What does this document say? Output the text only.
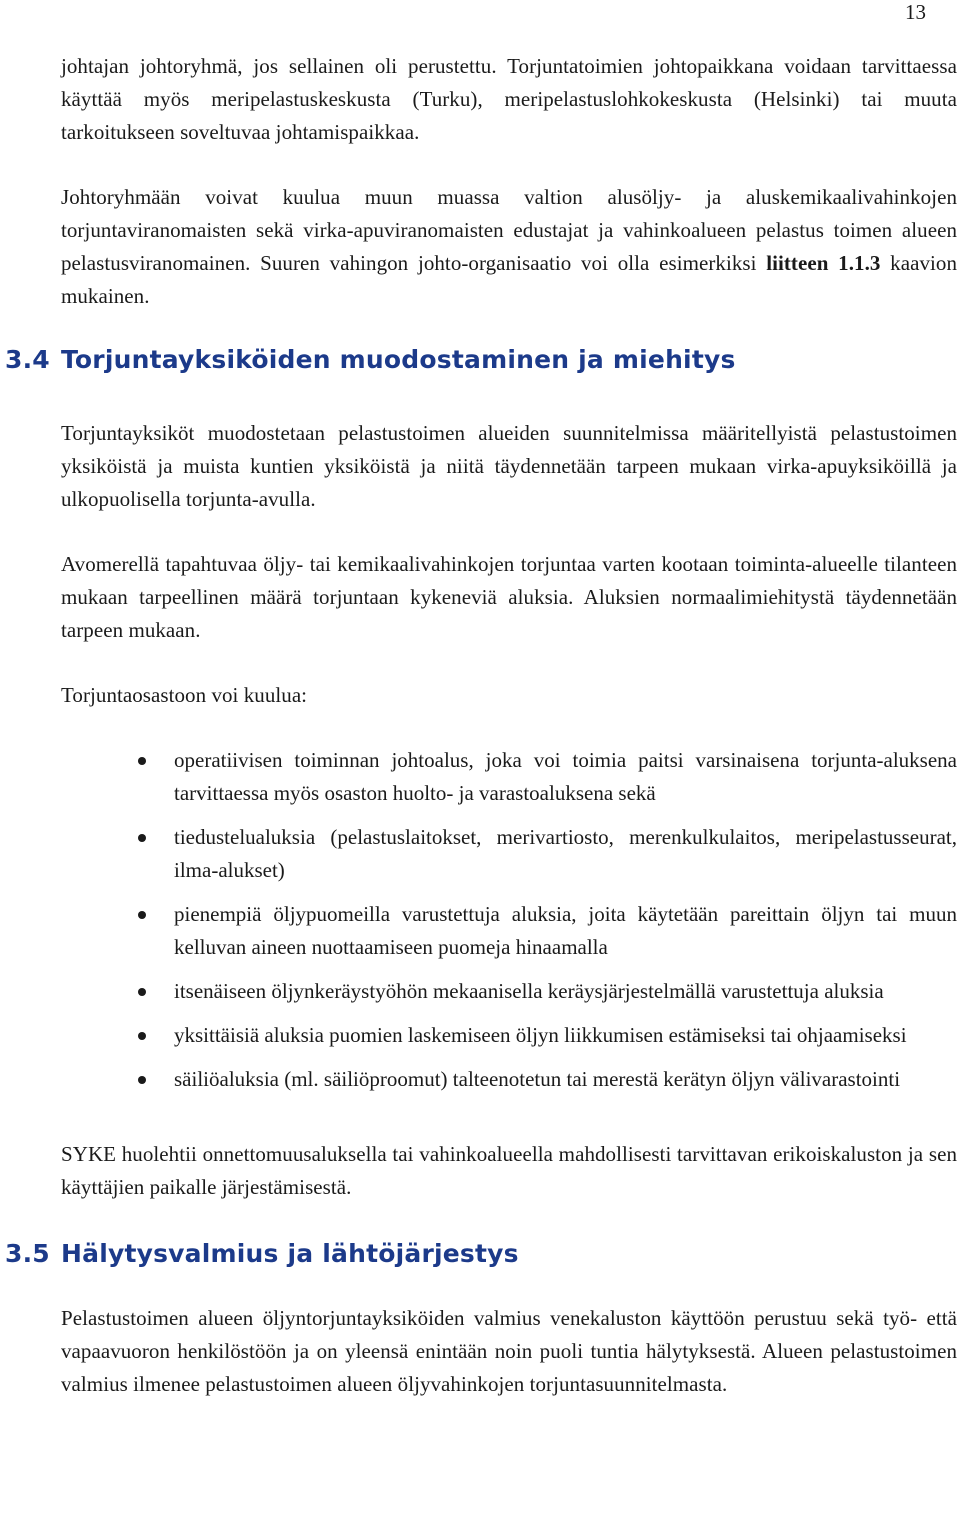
13

johtajan johtoryhmä, jos sellainen oli perustettu. Torjuntatoimien johtopaikkana voidaan tarvittaessa käyttää myös meripelastuskeskusta (Turku), meripelastuslohkokeskusta (Helsinki) tai muuta tarkoitukseen soveltuvaa johtamispaikkaa.

Johtoryhmään voivat kuulua muun muassa valtion alusöljy- ja aluskemikaalivahinkojen torjuntaviranomaisten sekä virka-apuviranomaisten edustajat ja vahinkoalueen pelastus toimen alueen pelastusviranomainen. Suuren vahingon johto-organisaatio voi olla esimerkiksi liitteen 1.1.3 kaavion mukainen.

3.4 Torjuntayksiköiden muodostaminen ja miehitys

Torjuntayksiköt muodostetaan pelastustoimen alueiden suunnitelmissa määritellyistä pelastustoimen yksiköistä ja muista kuntien yksiköistä ja niitä täydennetään tarpeen mukaan virka-apuyksiköillä ja ulkopuolisella torjunta-avulla.

Avomerellä tapahtuvaa öljy- tai kemikaalivahinkojen torjuntaa varten kootaan toiminta-alueelle tilanteen mukaan tarpeellinen määrä torjuntaan kykeneviä aluksia. Aluksien normaalimiehitystä täydennetään tarpeen mukaan.

Torjuntaosastoon voi kuulua:

operatiivisen toiminnan johtoalus, joka voi toimia paitsi varsinaisena torjunta-aluksena tarvittaessa myös osaston huolto- ja varastoaluksena sekä
tiedustelualuksia (pelastuslaitokset, merivartiosto, merenkulkulaitos, meripelastusseurat, ilma-alukset)
pienempiä öljypuomeilla varustettuja aluksia, joita käytetään pareittain öljyn tai muun kelluvan aineen nuottaamiseen puomeja hinaamalla
itsenäiseen öljynkeräystyöhön mekaanisella keräysjärjestelmällä varustettuja aluksia
yksittäisiä aluksia puomien laskemiseen öljyn liikkumisen estämiseksi tai ohjaamiseksi
säiliöaluksia (ml. säiliöproomut) talteenotetun tai merestä kerätyn öljyn välivarastointi

SYKE huolehtii onnettomuusaluksella tai vahinkoalueella mahdollisesti tarvittavan erikoiskaluston ja sen käyttäjien paikalle järjestämisestä.

3.5 Hälytysvalmius ja lähtöjärjestys

Pelastustoimen alueen öljyntorjuntayksiköiden valmius venekaluston käyttöön perustuu sekä työ- että vapaavuoron henkilöstöön ja on yleensä enintään noin puoli tuntia hälytyksestä. Alueen pelastustoimen valmius ilmenee pelastustoimen alueen öljyvahinkojen torjuntasuunnitelmasta.
